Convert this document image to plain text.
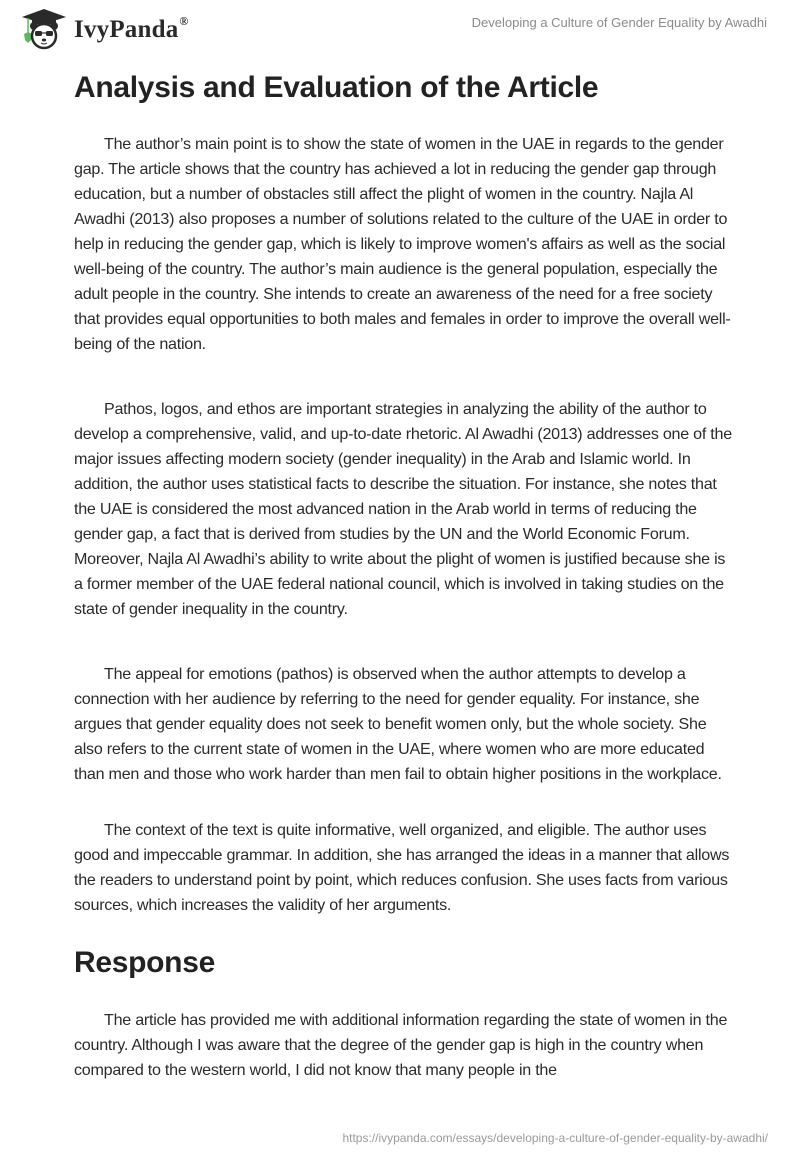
IvyPanda ®	Developing a Culture of Gender Equality by Awadhi
Analysis and Evaluation of the Article

The author’s main point is to show the state of women in the UAE in regards to the gender gap. The article shows that the country has achieved a lot in reducing the gender gap through education, but a number of obstacles still affect the plight of women in the country. Najla Al Awadhi (2013) also proposes a number of solutions related to the culture of the UAE in order to help in reducing the gender gap, which is likely to improve women's affairs as well as the social well-being of the country. The author’s main audience is the general population, especially the adult people in the country. She intends to create an awareness of the need for a free society that provides equal opportunities to both males and females in order to improve the overall well-being of the nation.

Pathos, logos, and ethos are important strategies in analyzing the ability of the author to develop a comprehensive, valid, and up-to-date rhetoric. Al Awadhi (2013) addresses one of the major issues affecting modern society (gender inequality) in the Arab and Islamic world. In addition, the author uses statistical facts to describe the situation. For instance, she notes that the UAE is considered the most advanced nation in the Arab world in terms of reducing the gender gap, a fact that is derived from studies by the UN and the World Economic Forum. Moreover, Najla Al Awadhi’s ability to write about the plight of women is justified because she is a former member of the UAE federal national council, which is involved in taking studies on the state of gender inequality in the country.

The appeal for emotions (pathos) is observed when the author attempts to develop a connection with her audience by referring to the need for gender equality. For instance, she argues that gender equality does not seek to benefit women only, but the whole society. She also refers to the current state of women in the UAE, where women who are more educated than men and those who work harder than men fail to obtain higher positions in the workplace.

The context of the text is quite informative, well organized, and eligible. The author uses good and impeccable grammar. In addition, she has arranged the ideas in a manner that allows the readers to understand point by point, which reduces confusion. She uses facts from various sources, which increases the validity of her arguments.

Response

The article has provided me with additional information regarding the state of women in the country. Although I was aware that the degree of the gender gap is high in the country when compared to the western world, I did not know that many people in the

https://ivypanda.com/essays/developing-a-culture-of-gender-equality-by-awadhi/
